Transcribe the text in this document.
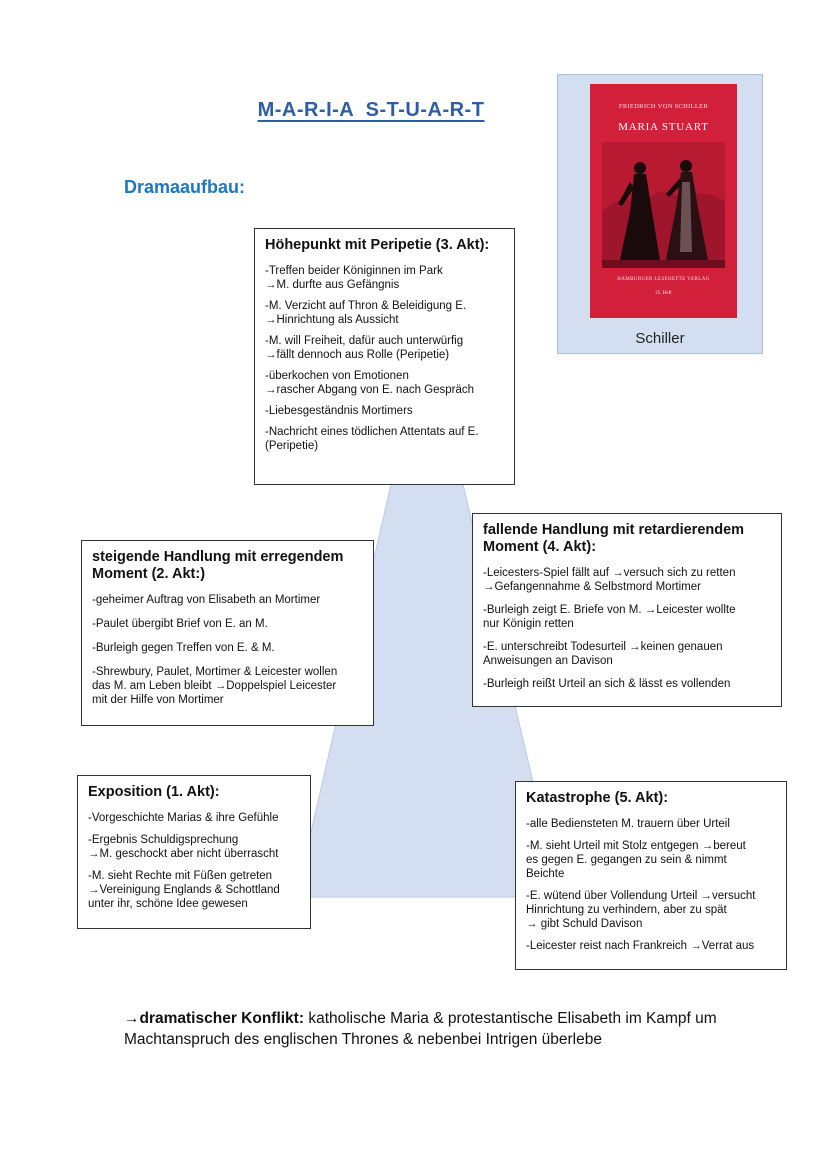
M-A-R-I-A  S-T-U-A-R-T
Dramaaufbau:
FRIEDRICH VON SCHILLER
MARIA STUART
HAMBURGER LESEHEFTE VERLAG
25. Heft
Schiller
Höhepunkt mit Peripetie (3. Akt):

-Treffen beider Königinnen im Park
→M. durfte aus Gefängnis

-M. Verzicht auf Thron & Beleidigung E.
→Hinrichtung als Aussicht

-M. will Freiheit, dafür auch unterwürfig
→fällt dennoch aus Rolle (Peripetie)

-überkochen von Emotionen
→rascher Abgang von E. nach Gespräch

-Liebesgeständnis Mortimers

-Nachricht eines tödlichen Attentats auf E.
(Peripetie)

steigende Handlung mit erregendem Moment (2. Akt:)

-geheimer Auftrag von Elisabeth an Mortimer

-Paulet übergibt Brief von E. an M.

-Burleigh gegen Treffen von E. & M.

-Shrewbury, Paulet, Mortimer & Leicester wollen
das M. am Leben bleibt →Doppelspiel Leicester
mit der Hilfe von Mortimer

fallende Handlung mit retardierendem Moment (4. Akt):

-Leicesters-Spiel fällt auf →versuch sich zu retten
→Gefangennahme & Selbstmord Mortimer

-Burleigh zeigt E. Briefe von M. →Leicester wollte
nur Königin retten

-E. unterschreibt Todesurteil →keinen genauen
Anweisungen an Davison

-Burleigh reißt Urteil an sich & lässt es vollenden

Exposition (1. Akt):

-Vorgeschichte Marias & ihre Gefühle

-Ergebnis Schuldigsprechung
→M. geschockt aber nicht überrascht

-M. sieht Rechte mit Füßen getreten
→Vereinigung Englands & Schottland
unter ihr, schöne Idee gewesen

Katastrophe (5. Akt):

-alle Bediensteten M. trauern über Urteil

-M. sieht Urteil mit Stolz entgegen →bereut
es gegen E. gegangen zu sein & nimmt
Beichte

-E. wütend über Vollendung Urteil →versucht
Hinrichtung zu verhindern, aber zu spät
→ gibt Schuld Davison

-Leicester reist nach Frankreich →Verrat aus

→dramatischer Konflikt: katholische Maria & protestantische Elisabeth im Kampf um Machtanspruch des englischen Thrones & nebenbei Intrigen überlebe
